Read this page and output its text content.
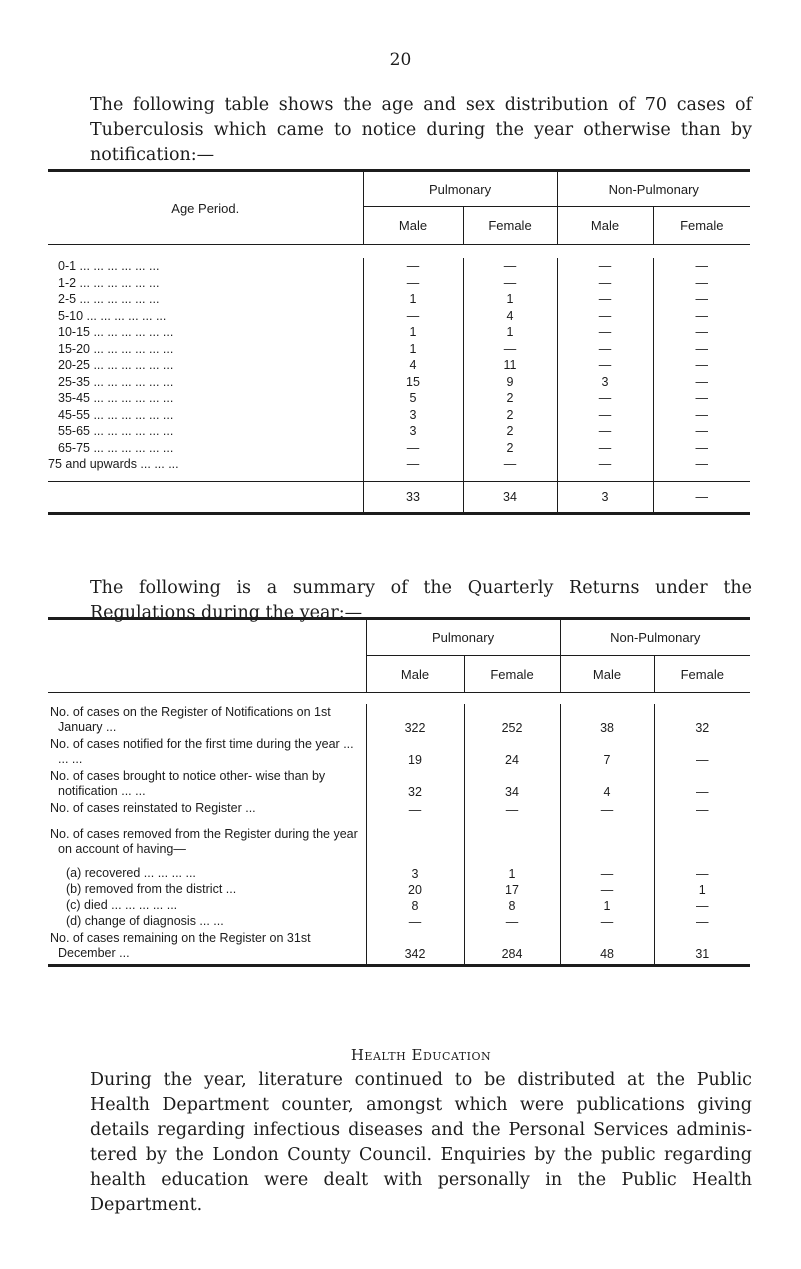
20

The following table shows the age and sex distribution of 70 cases of Tuberculosis which came to notice during the year otherwise than by notification:—

Age Period.	Pulmonary		Non-Pulmonary	
	Male	Female	Male	Female

0-1 ... ... ... ... ... ...	—	—	—	—
1-2 ... ... ... ... ... ...	—	—	—	—
2-5 ... ... ... ... ... ...	1	1	—	—
5-10 ... ... ... ... ... ...	—	4	—	—
10-15 ... ... ... ... ... ...	1	1	—	—
15-20 ... ... ... ... ... ...	1	—	—	—
20-25 ... ... ... ... ... ...	4	11	—	—
25-35 ... ... ... ... ... ...	15	9	3	—
35-45 ... ... ... ... ... ...	5	2	—	—
45-55 ... ... ... ... ... ...	3	2	—	—
55-65 ... ... ... ... ... ...	3	2	—	—
65-75 ... ... ... ... ... ...	—	2	—	—
75 and upwards ... ... ...	—	—	—	—

	33	34	3	—

The following is a summary of the Quarterly Returns under the Regulations during the year:—

	Pulmonary		Non-Pulmonary	
	Male	Female	Male	Female

No. of cases on the Register of Notifications on 1st January ...	322	252	38	32
No. of cases notified for the first time during the year ... ... ...	19	24	7	—
No. of cases brought to notice other- wise than by notification ... ...	32	34	4	—
No. of cases reinstated to Register ...	—	—	—	—
No. of cases removed from the Register during the year on account of having—				
(a) recovered ... ... ... ...	3	1	—	—
(b) removed from the district ...	20	17	—	1
(c) died ... ... ... ... ...	8	8	1	—
(d) change of diagnosis ... ...	—	—	—	—
No. of cases remaining on the Register on 31st December ...	342	284	48	31

Health Education

During the year, literature continued to be distributed at the Public Health Department counter, amongst which were publications giving details regarding infectious diseases and the Personal Services adminis- tered by the London County Council. Enquiries by the public regarding health education were dealt with personally in the Public Health Department.
